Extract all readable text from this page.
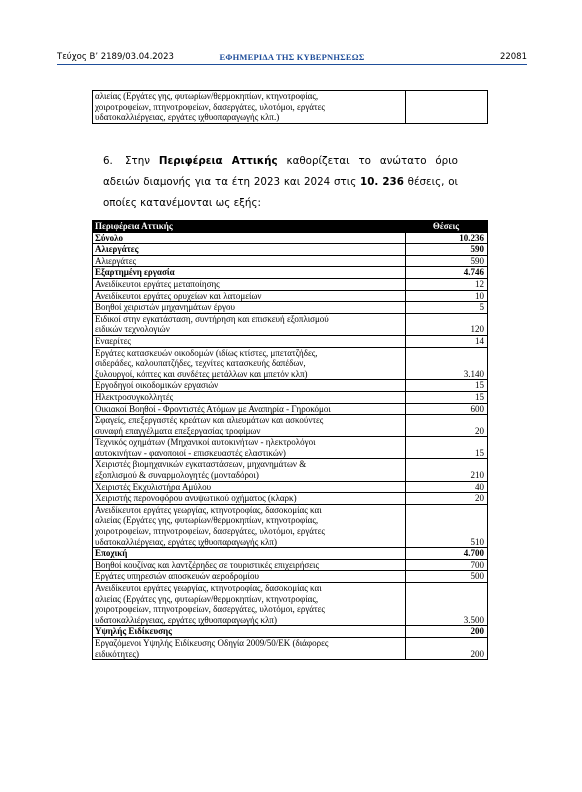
Τεύχος Β’ 2189/03.04.2023	ΕΦΗΜΕΡΙΔΑ ΤΗΣ ΚΥΒΕΡΝΗΣΕΩΣ	22081
αλιείας (Εργάτες γης, φυτωρίων/θερμοκηπίων, κτηνοτροφίας,
χοιροτροφείων, πτηνοτροφείων, δασεργάτες, υλοτόμοι, εργάτες
υδατοκαλλιέργειας, εργάτες ιχθυοπαραγωγής κλπ.)

6. Στην Περιφέρεια Αττικής καθορίζεται το ανώτατο όριο αδειών διαμονής για τα έτη 2023 και 2024 στις 10. 236 θέσεις, οι οποίες κατανέμονται ως εξής:
Περιφέρεια Αττικής	Θέσεις

Σύνολο	10.236

Αλιεργάτες	590

Αλιεργάτες	590

Εξαρτημένη εργασία	4.746

Ανειδίκευτοι εργάτες μεταποίησης	12

Ανειδίκευτοι εργάτες ορυχείων και λατομείων	10

Βοηθοί χειριστών μηχανημάτων έργου	5

Ειδικοί στην εγκατάσταση, συντήρηση και επισκευή εξοπλισμού
ειδικών τεχνολογιών	120

Εναερίτες	14

Εργάτες κατασκευών οικοδομών (ιδίως κτίστες, μπετατζήδες,
σιδεράδες, καλουπατζήδες, τεχνίτες κατασκευής δαπέδων,
ξυλουργοί, κόπτες και συνδέτες μετάλλων και μπετόν κλπ)	3.140

Εργοδηγοί οικοδομικών εργασιών	15

Ηλεκτροσυγκολλητές	15

Οικιακοί Βοηθοί - Φροντιστές Ατόμων με Αναπηρία - Γηροκόμοι	600

Σφαγείς, επεξεργαστές κρεάτων και αλιευμάτων και ασκούντες
συναφή επαγγέλματα επεξεργασίας τροφίμων	20

Τεχνικός οχημάτων (Μηχανικοί αυτοκινήτων - ηλεκτρολόγοι
αυτοκινήτων - φανοποιοί - επισκευαστές ελαστικών)	15

Χειριστές βιομηχανικών εγκαταστάσεων, μηχανημάτων &
εξοπλισμού & συναρμολογητές (μονταδόροι)	210

Χειριστές Εκχυλιστήρα Αμύλου	40

Χειριστής περονοφόρου ανυψωτικού οχήματος (κλαρκ)	20

Ανειδίκευτοι εργάτες γεωργίας, κτηνοτροφίας, δασοκομίας και
αλιείας (Εργάτες γης, φυτωρίων/θερμοκηπίων, κτηνοτροφίας,
χοιροτροφείων, πτηνοτροφείων, δασεργάτες, υλοτόμοι, εργάτες
υδατοκαλλιέργειας, εργάτες ιχθυοπαραγωγής κλπ)	510

Εποχική	4.700

Βοηθοί κουζίνας και λαντζέρηδες σε τουριστικές επιχειρήσεις	700

Εργάτες υπηρεσιών αποσκευών αεροδρομίου	500

Ανειδίκευτοι εργάτες γεωργίας, κτηνοτροφίας, δασοκομίας και
αλιείας (Εργάτες γης, φυτωρίων/θερμοκηπίων, κτηνοτροφίας,
χοιροτροφείων, πτηνοτροφείων, δασεργάτες, υλοτόμοι, εργάτες
υδατοκαλλιέργειας, εργάτες ιχθυοπαραγωγής κλπ)	3.500

Υψηλής Ειδίκευσης	200

Εργαζόμενοι Υψηλής Ειδίκευσης Οδηγία 2009/50/ΕΚ (διάφορες
ειδικότητες)	200
